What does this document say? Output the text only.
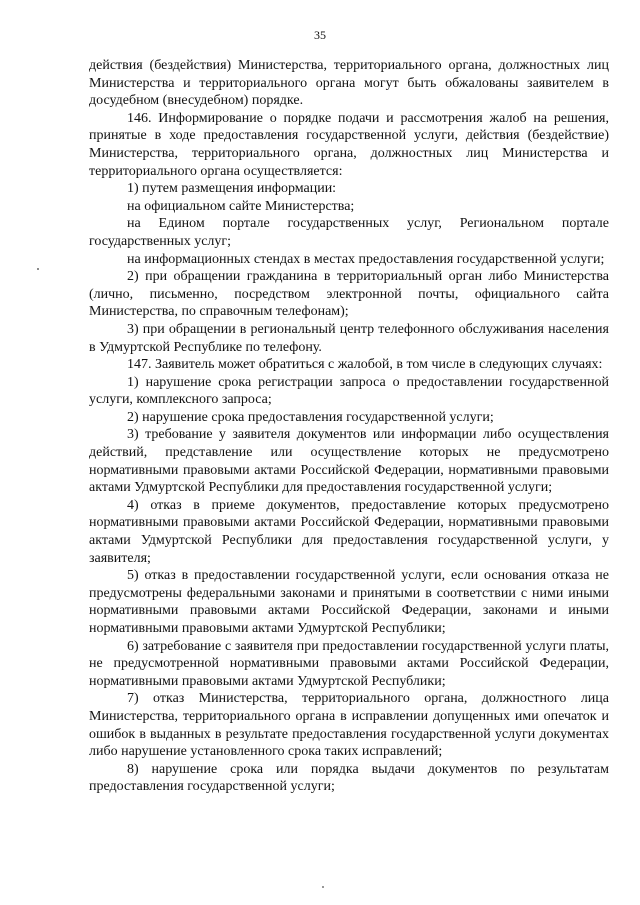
35

действия (бездействия) Министерства, территориального органа, должностных лиц Министерства и территориального органа могут быть обжалованы заявителем в досудебном (внесудебном) порядке.

146. Информирование о порядке подачи и рассмотрения жалоб на решения, принятые в ходе предоставления государственной услуги, действия (бездействие) Министерства, территориального органа, должностных лиц Министерства и территориального органа осуществляется:

1) путем размещения информации:

на официальном сайте Министерства;

на Едином портале государственных услуг, Региональном портале государственных услуг;

на информационных стендах в местах предоставления государственной услуги;

2) при обращении гражданина в территориальный орган либо Министерства (лично, письменно, посредством электронной почты, официального сайта Министерства, по справочным телефонам);

3) при обращении в региональный центр телефонного обслуживания населения в Удмуртской Республике по телефону.

147. Заявитель может обратиться с жалобой, в том числе в следующих случаях:

1) нарушение срока регистрации запроса о предоставлении государственной услуги, комплексного запроса;

2) нарушение срока предоставления государственной услуги;

3) требование у заявителя документов или информации либо осуществления действий, представление или осуществление которых не предусмотрено нормативными правовыми актами Российской Федерации, нормативными правовыми актами Удмуртской Республики для предоставления государственной услуги;

4) отказ в приеме документов, предоставление которых предусмотрено нормативными правовыми актами Российской Федерации, нормативными правовыми актами Удмуртской Республики для предоставления государственной услуги, у заявителя;

5) отказ в предоставлении государственной услуги, если основания отказа не предусмотрены федеральными законами и принятыми в соответствии с ними иными нормативными правовыми актами Российской Федерации, законами и иными нормативными правовыми актами Удмуртской Республики;

6) затребование с заявителя при предоставлении государственной услуги платы, не предусмотренной нормативными правовыми актами Российской Федерации, нормативными правовыми актами Удмуртской Республики;

7) отказ Министерства, территориального органа, должностного лица Министерства, территориального органа в исправлении допущенных ими опечаток и ошибок в выданных в результате предоставления государственной услуги документах либо нарушение установленного срока таких исправлений;

8) нарушение срока или порядка выдачи документов по результатам предоставления государственной услуги;
